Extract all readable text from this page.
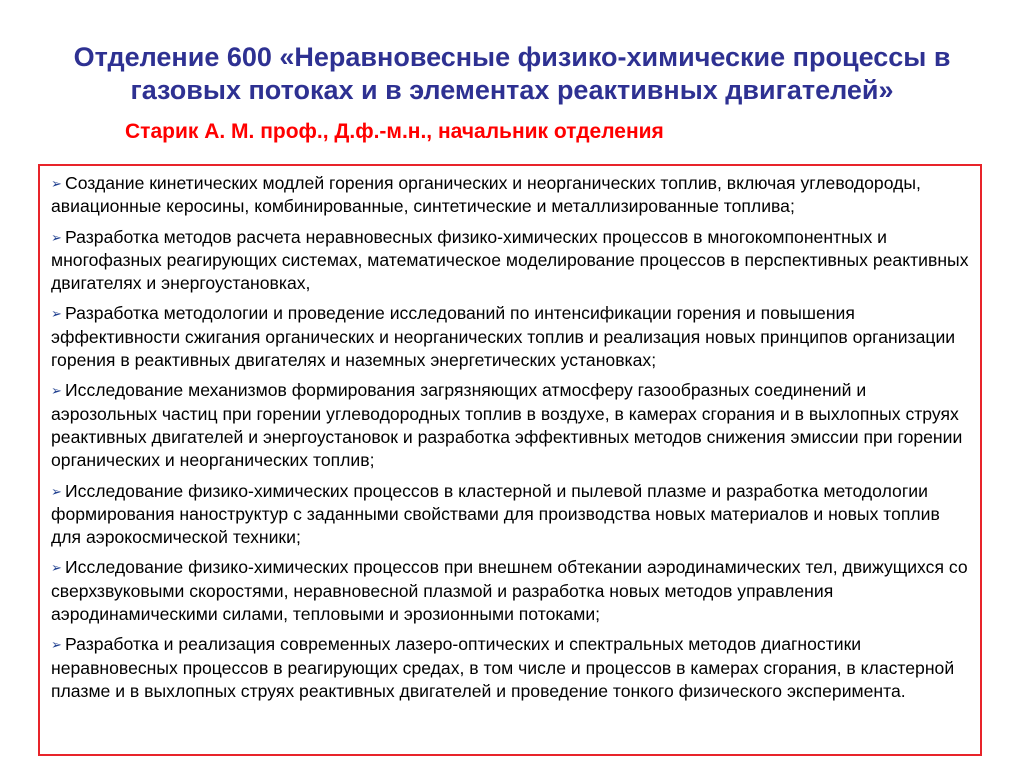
Отделение 600 «Неравновесные физико-химические процессы в газовых потоках и в элементах реактивных двигателей»

Старик А. М. проф., Д.ф.-м.н., начальник отделения

➢ Создание кинетических модлей горения органических и неорганических топлив, включая углеводороды, авиационные керосины, комбинированные, синтетические и металлизированные топлива;

➢ Разработка методов расчета неравновесных физико-химических процессов в многокомпонентных и многофазных реагирующих системах, математическое моделирование процессов в перспективных реактивных двигателях и энергоустановках,

➢ Разработка методологии и проведение исследований по интенсификации горения и повышения эффективности сжигания органических и неорганических топлив и реализация новых принципов организации горения в реактивных двигателях и наземных энергетических установках;

➢ Исследование механизмов формирования загрязняющих атмосферу газообразных соединений и аэрозольных частиц при горении углеводородных топлив в воздухе, в камерах сгорания и в выхлопных струях реактивных двигателей и энергоустановок и разработка эффективных методов снижения эмиссии при горении органических и неорганических топлив;

➢ Исследование физико-химических процессов в кластерной и пылевой плазме и разработка методологии формирования наноструктур с заданными свойствами для производства новых материалов и новых топлив для аэрокосмической техники;

➢ Исследование физико-химических процессов при внешнем обтекании аэродинамических тел, движущихся со сверхзвуковыми скоростями, неравновесной плазмой и разработка новых методов управления аэродинамическими силами, тепловыми и эрозионными потоками;

➢ Разработка и реализация современных лазеро-оптических и спектральных методов диагностики неравновесных процессов в реагирующих средах, в том числе и процессов в камерах сгорания, в кластерной плазме и в выхлопных струях реактивных двигателей и проведение тонкого физического эксперимента.
